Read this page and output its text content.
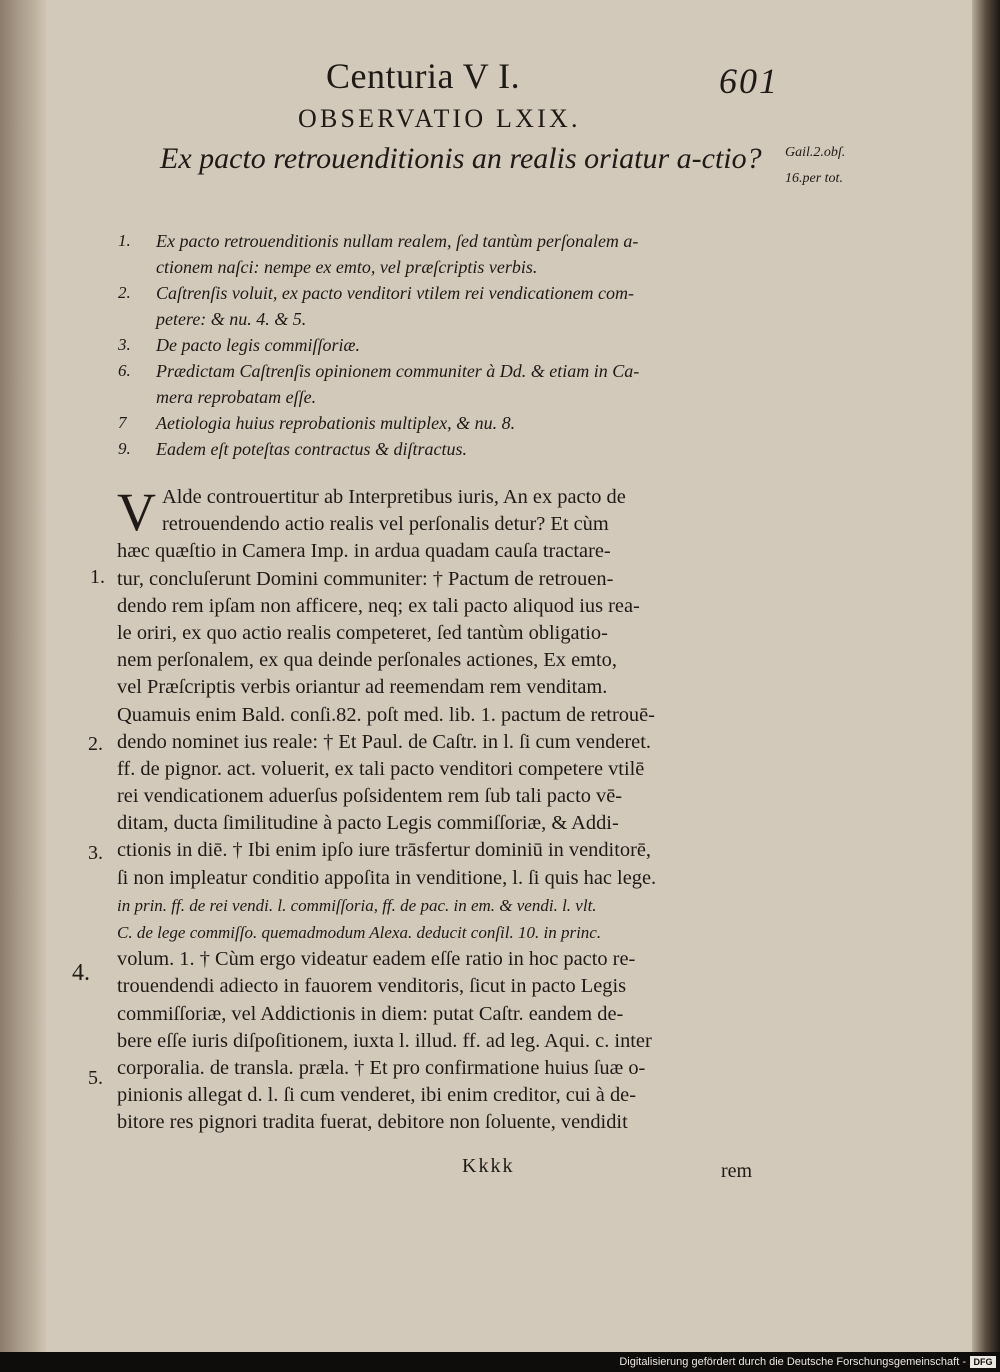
Centuria V I.	601
OBSERVATIO LXIX.
Ex pacto retrouenditionis an realis oriatur a-ctio?	Gail.2.obſ.
16.per tot.
1.	Ex pacto retrouenditionis nullam realem, ſed tantùm perſonalem a-
ctionem naſci: nempe ex emto, vel præſcriptis verbis.
2.	Caſtrenſis voluit, ex pacto venditori vtilem rei vendicationem com-
petere: & nu. 4. & 5.
3.	De pacto legis commiſſoriæ.
6.	Prædictam Caſtrenſis opinionem communiter à Dd. & etiam in Ca-
mera reprobatam eſſe.
7	Aetiologia huius reprobationis multiplex, & nu. 8.
9.	Eadem eſt poteſtas contractus & diſtractus.
V Alde controuertitur ab Interpretibus iuris, An ex pacto de
retrouendendo actio realis vel perſonalis detur? Et cùm
hæc quæſtio in Camera Imp. in ardua quadam cauſa tractare-
tur, concluſerunt Domini communiter: † Pactum de retrouen-
dendo rem ipſam non afficere, neq; ex tali pacto aliquod ius rea-
le oriri, ex quo actio realis competeret, ſed tantùm obligatio-
nem perſonalem, ex qua deinde perſonales actiones, Ex emto,
vel Præſcriptis verbis oriantur ad reemendam rem venditam.
Quamuis enim Bald. conſi.82. poſt med. lib. 1. pactum de retrouē-
dendo nominet ius reale: † Et Paul. de Caſtr. in l. ſi cum venderet.
ff. de pignor. act. voluerit, ex tali pacto venditori competere vtilē
rei vendicationem aduerſus poſsidentem rem ſub tali pacto vē-
ditam, ducta ſimilitudine à pacto Legis commiſſoriæ, & Addi-
ctionis in diē. † Ibi enim ipſo iure trāsfertur dominiū in venditorē,
ſi non impleatur conditio appoſita in venditione, l. ſi quis hac lege.
in prin. ff. de rei vendi. l. commiſſoria, ff. de pac. in em. & vendi. l. vlt.
C. de lege commiſſo. quemadmodum Alexa. deducit conſil. 10. in princ.
volum. 1. † Cùm ergo videatur eadem eſſe ratio in hoc pacto re-
trouendendi adiecto in fauorem venditoris, ſicut in pacto Legis
commiſſoriæ, vel Addictionis in diem: putat Caſtr. eandem de-
bere eſſe iuris diſpoſitionem, iuxta l. illud. ff. ad leg. Aqui. c. inter
corporalia. de transla. præla. † Et pro confirmatione huius ſuæ o-
pinionis allegat d. l. ſi cum venderet, ibi enim creditor, cui à de-
bitore res pignori tradita fuerat, debitore non ſoluente, vendidit
1.
2.
3.
4.
5.
Kkkk	rem
Digitalisierung gefördert durch die Deutsche Forschungsgemeinschaft - DFG
